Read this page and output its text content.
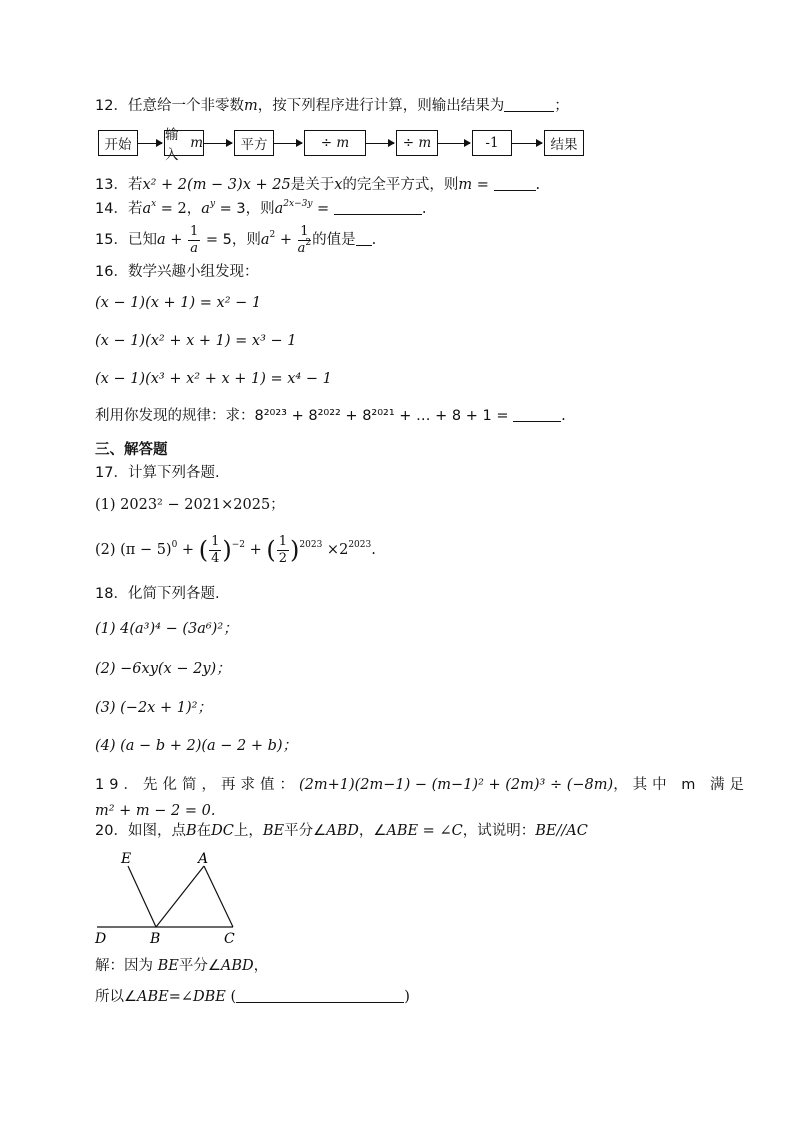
12．任意给一个非零数m，按下列程序进行计算，则输出结果为	；
开始
输入
m	平方	÷
m	÷
m	-1	结果
13．若x² + 2(m − 3)x + 25是关于x的完全平方式，则m =	.
14．若$a^x = 2$，$a^y = 3$，则$a^{2x-3y}$ =	.
15．已知$a + \frac{1}{a} = 5$，则$a^2 + \frac{1}{a^2}$ 的值是 .
16．数学兴趣小组发现：
(x − 1)(x + 1) = x² − 1
(x − 1)(x² + x + 1) = x³ − 1
(x − 1)(x³ + x² + x + 1) = x⁴ − 1
利用你发现的规律：求：8²⁰²³ + 8²⁰²² + 8²⁰²¹ + … + 8 + 1 =	.
三、解答题
17．计算下列各题.
(1) 2023² − 2021×2025；
(2) $(\pi - 5)^0$ + ( $\frac{1}{4} )^{-2}$ + ( $\frac{1}{2} )^{2023} \times 2^{2023}$.
18．化简下列各题.
(1) 4(a³)⁴ − (3a⁶)²；
(2) −6xy(x − 2y)；
(3) (−2x + 1)²；
(4) (a − b + 2)(a − 2 + b)；
19．先化简，再求值： (2m+1)(2m−1) − (m−1)² + (2m)³ ÷ (−8m) ，其中 m 满足
m² + m − 2 = 0.
20．如图，点B在DC上，BE平分∠ABD，∠ABE = ∠C，试说明：BE//AC
E	A
D	B	C
解：因为 BE平分∠ABD，
所以∠ABE=∠DBE (	)
